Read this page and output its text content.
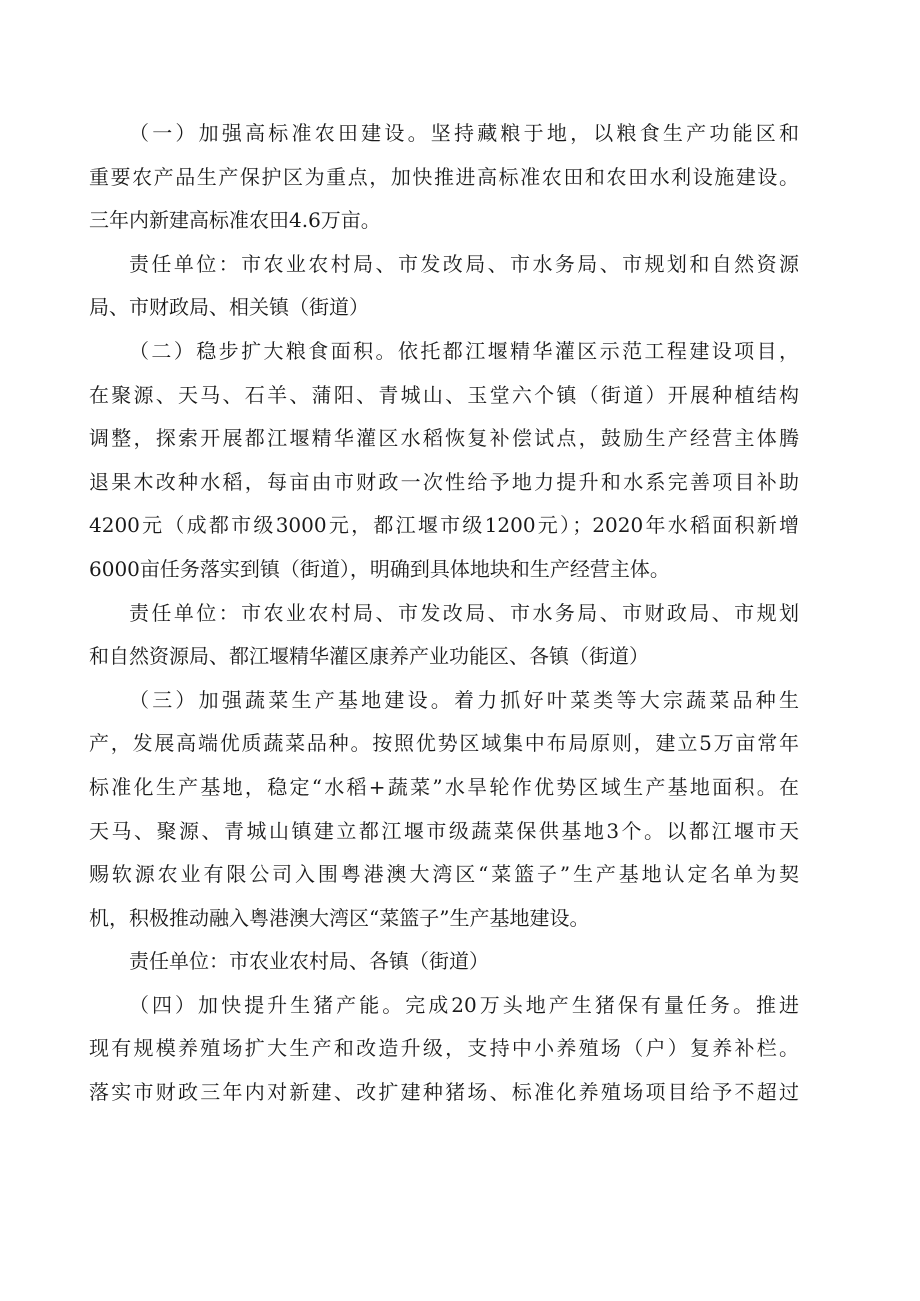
（一）加强高标准农田建设。坚持藏粮于地，以粮食生产功能区和
重要农产品生产保护区为重点，加快推进高标准农田和农田水利设施建设。
三年内新建高标准农田4.6万亩。
责任单位：市农业农村局、市发改局、市水务局、市规划和自然资源
局、市财政局、相关镇（街道）
（二）稳步扩大粮食面积。依托都江堰精华灌区示范工程建设项目，
在聚源、天马、石羊、蒲阳、青城山、玉堂六个镇（街道）开展种植结构
调整，探索开展都江堰精华灌区水稻恢复补偿试点，鼓励生产经营主体腾
退果木改种水稻，每亩由市财政一次性给予地力提升和水系完善项目补助
4200元（成都市级3000元，都江堰市级1200元）；2020年水稻面积新增
6000亩任务落实到镇（街道），明确到具体地块和生产经营主体。
责任单位：市农业农村局、市发改局、市水务局、市财政局、市规划
和自然资源局、都江堰精华灌区康养产业功能区、各镇（街道）
（三）加强蔬菜生产基地建设。着力抓好叶菜类等大宗蔬菜品种生
产，发展高端优质蔬菜品种。按照优势区域集中布局原则，建立5万亩常年
标准化生产基地，稳定“水稻+蔬菜”水旱轮作优势区域生产基地面积。在
天马、聚源、青城山镇建立都江堰市级蔬菜保供基地3个。以都江堰市天
赐软源农业有限公司入围粤港澳大湾区“菜篮子”生产基地认定名单为契
机，积极推动融入粤港澳大湾区“菜篮子”生产基地建设。
责任单位：市农业农村局、各镇（街道）
（四）加快提升生猪产能。完成20万头地产生猪保有量任务。推进
现有规模养殖场扩大生产和改造升级，支持中小养殖场（户）复养补栏。
落实市财政三年内对新建、改扩建种猪场、标准化养殖场项目给予不超过
